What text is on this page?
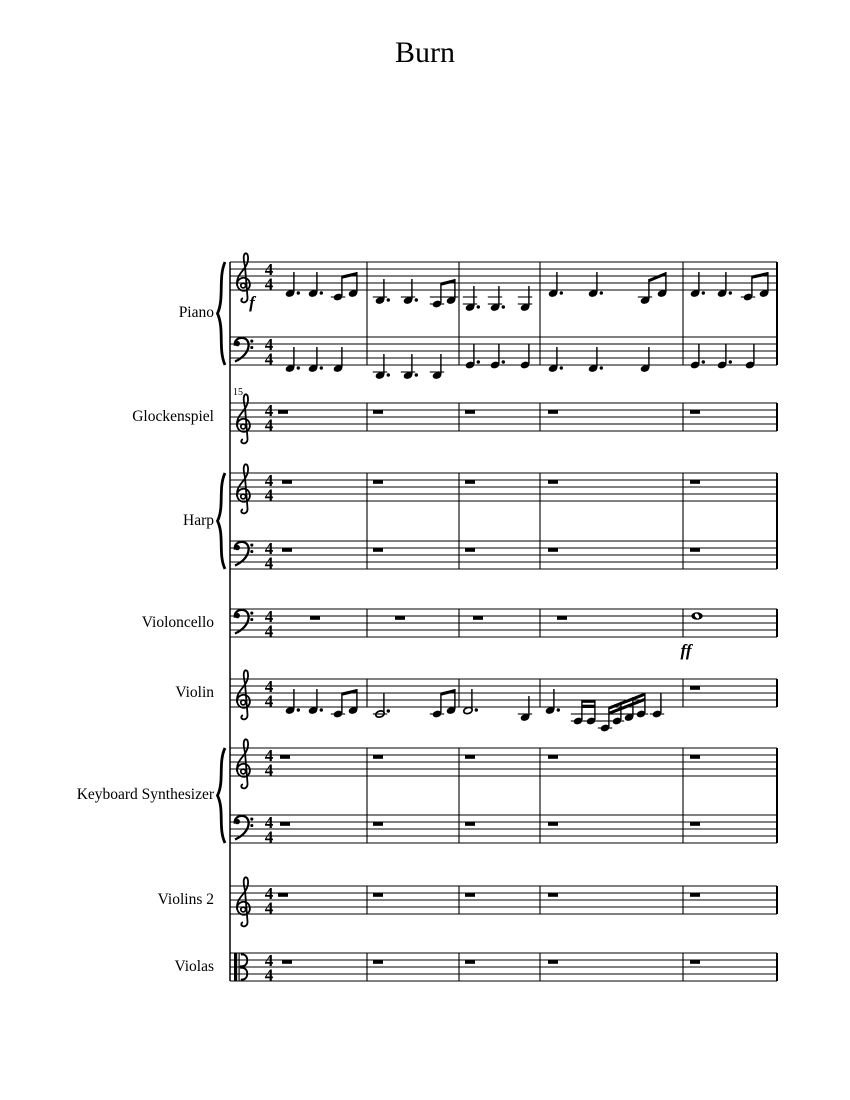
Burn
Piano
Glockenspiel
Harp
Violoncello
Violin
Keyboard Synthesizer
Violins 2
Violas
4
4
4
4
f
4
4
15
4
4
4
4
4
4
ff
4
4
4
4
4
4
4
4
4
4
